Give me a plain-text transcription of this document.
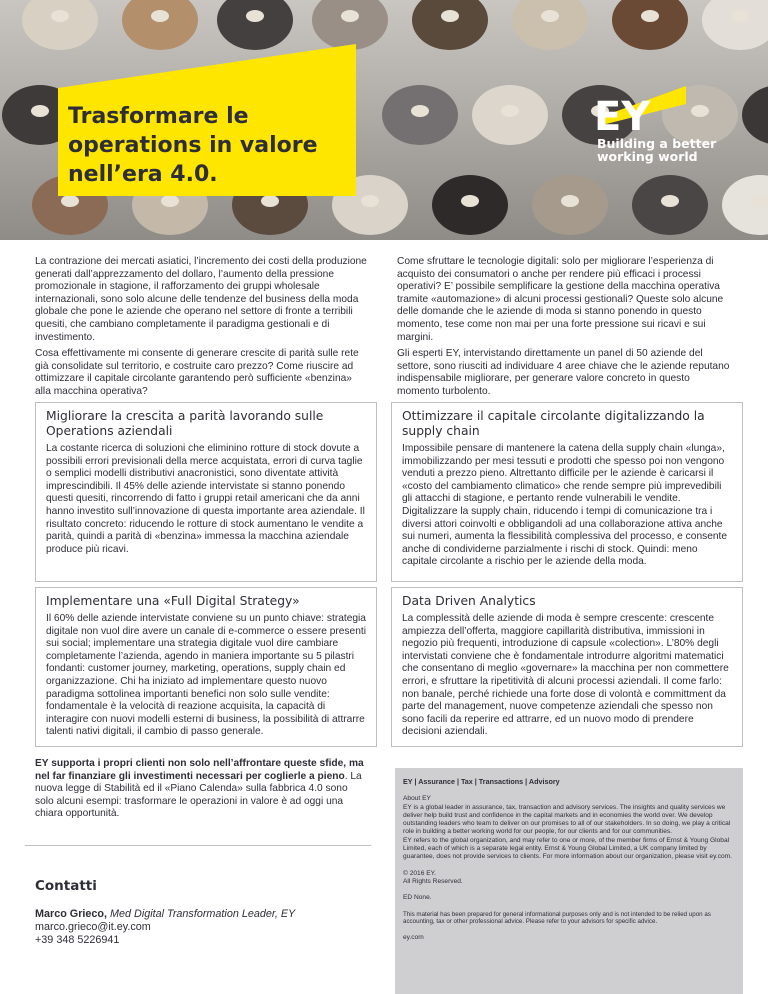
Trasformare le
operations in valore
nell’era 4.0.
EY
Building a better
working world

La contrazione dei mercati asiatici, l’incremento dei costi della produzione generati dall’apprezzamento del dollaro, l’aumento della pressione promozionale in stagione, il rafforzamento dei gruppi wholesale internazionali, sono solo alcune delle tendenze del business della moda globale che pone le aziende che operano nel settore di fronte a terribili quesiti, che cambiano completamente il paradigma gestionali e di investimento.

Cosa effettivamente mi consente di generare crescite di parità sulle rete già consolidate sul territorio, e costruite caro prezzo? Come riuscire ad ottimizzare il capitale circolante garantendo però sufficiente «benzina» alla macchina operativa?

Come sfruttare le tecnologie digitali: solo per migliorare l’esperienza di acquisto dei consumatori o anche per rendere più efficaci i processi operativi? E’ possibile semplificare la gestione della macchina operativa tramite «automazione» di alcuni processi gestionali? Queste solo alcune delle domande che le aziende di moda si stanno ponendo in questo momento, tese come non mai per una forte pressione sui ricavi e sui margini.

Gli esperti EY, intervistando direttamente un panel di 50 aziende del settore, sono riusciti ad individuare 4 aree chiave che le aziende reputano indispensabile migliorare, per generare valore concreto in questo momento turbolento.

Migliorare la crescita a parità lavorando sulle Operations aziendali

La costante ricerca di soluzioni che eliminino rotture di stock dovute a possibili errori previsionali della merce acquistata, errori di curva taglie o semplici modelli distributivi anacronistici, sono diventate attività imprescindibili. Il 45% delle aziende intervistate si stanno ponendo questi quesiti, rincorrendo di fatto i gruppi retail americani che da anni hanno investito sull’innovazione di questa importante area aziendale. Il risultato concreto: riducendo le rotture di stock aumentano le vendite a parità, quindi a parità di «benzina» immessa la macchina aziendale produce più ricavi.

Ottimizzare il capitale circolante digitalizzando la supply chain

Impossibile pensare di mantenere la catena della supply chain «lunga», immobilizzando per mesi tessuti e prodotti che spesso poi non vengono venduti a prezzo pieno. Altrettanto difficile per le aziende è caricarsi il «costo del cambiamento climatico» che rende sempre più imprevedibili gli attacchi di stagione, e pertanto rende vulnerabili le vendite. Digitalizzare la supply chain, riducendo i tempi di comunicazione tra i diversi attori coinvolti e obbligandoli ad una collaborazione attiva anche sui numeri, aumenta la flessibilità complessiva del processo, e consente anche di condividerne parzialmente i rischi di stock. Quindi: meno capitale circolante a rischio per le aziende della moda.

Implementare una «Full Digital Strategy»

Il 60% delle aziende intervistate conviene su un punto chiave: strategia digitale non vuol dire avere un canale di e-commerce o essere presenti sui social; implementare una strategia digitale vuol dire cambiare completamente l’azienda, agendo in maniera importante su 5 pilastri fondanti: customer journey, marketing, operations, supply chain ed organizzazione. Chi ha iniziato ad implementare questo nuovo paradigma sottolinea importanti benefici non solo sulle vendite: fondamentale è la velocità di reazione acquisita, la capacità di interagire con nuovi modelli esterni di business, la possibilità di attrarre talenti nativi digitali, il cambio di passo generale.

Data Driven Analytics

La complessità delle aziende di moda è sempre crescente: crescente ampiezza dell’offerta, maggiore capillarità distributiva, immissioni in negozio più frequenti, introduzione di capsule «colection». L’80% degli intervistati conviene che è fondamentale introdurre algoritmi matematici che consentano di meglio «governare» la macchina per non commettere errori, e sfruttare la ripetitività di alcuni processi aziendali. Il come farlo: non banale, perché richiede una forte dose di volontà e committment da parte del management, nuove competenze aziendali che spesso non sono facili da reperire ed attrarre, ed un nuovo modo di prendere decisioni aziendali.

EY supporta i propri clienti non solo nell’affrontare queste sfide, ma nel far finanziare gli investimenti necessari per coglierle a pieno. La nuova legge di Stabilità ed il «Piano Calenda» sulla fabbrica 4.0 sono solo alcuni esempi: trasformare le operazioni in valore è ad oggi una chiara opportunità.

Contatti
Marco Grieco, Med Digital Transformation Leader, EY
marco.grieco@it.ey.com
+39 348 5226941
EY | Assurance | Tax | Transactions | Advisory
About EY
EY is a global leader in assurance, tax, transaction and advisory services. The insights and quality services we deliver help build trust and confidence in the capital markets and in economies the world over. We develop outstanding leaders who team to deliver on our promises to all of our stakeholders. In so doing, we play a critical role in building a better working world for our people, for our clients and for our communities.
EY refers to the global organization, and may refer to one or more, of the member firms of Ernst & Young Global Limited, each of which is a separate legal entity. Ernst & Young Global Limited, a UK company limited by guarantee, does not provide services to clients. For more information about our organization, please visit ey.com.
© 2016 EY.
All Rights Reserved.
ED None.
This material has been prepared for general informational purposes only and is not intended to be relied upon as accounting, tax or other professional advice. Please refer to your advisors for specific advice.
ey.com
